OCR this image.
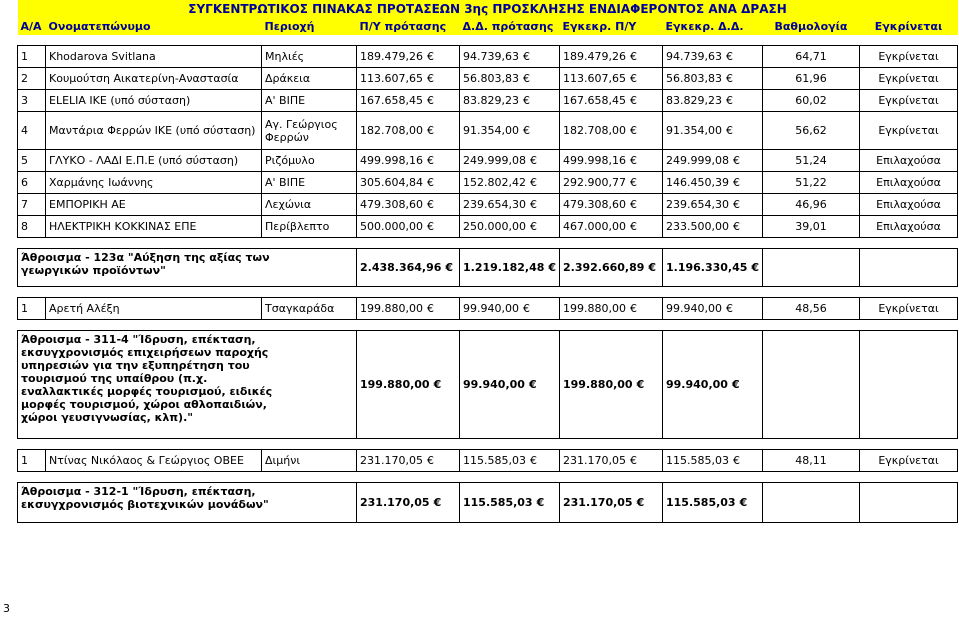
ΣΥΓΚΕΝΤΡΩΤΙΚΟΣ ΠΙΝΑΚΑΣ ΠΡΟΤΑΣΕΩΝ 3ης ΠΡΟΣΚΛΗΣΗΣ ΕΝΔΙΑΦΕΡΟΝΤΟΣ ΑΝΑ ΔΡΑΣΗ								
Α/Α	Ονοματεπώνυμο	Περιοχή	Π/Υ πρότασης	Δ.Δ. πρότασης	Εγκεκρ. Π/Υ	Εγκεκρ. Δ.Δ.	Βαθμολογία	Εγκρίνεται

1	Khodarova Svitlana	Μηλιές	189.479,26 €	94.739,63 €	189.479,26 €	94.739,63 €	64,71	Εγκρίνεται
2	Κουμούτση Αικατερίνη-Αναστασία	Δράκεια	113.607,65 €	56.803,83 €	113.607,65 €	56.803,83 €	61,96	Εγκρίνεται
3	ELELIA IKE (υπό σύσταση)	Α' ΒΙΠΕ	167.658,45 €	83.829,23 €	167.658,45 €	83.829,23 €	60,02	Εγκρίνεται
4	Μαντάρια Φερρών ΙΚΕ (υπό σύσταση)	Αγ. Γεώργιος Φερρών	182.708,00 €	91.354,00 €	182.708,00 €	91.354,00 €	56,62	Εγκρίνεται
5	ΓΛΥΚΟ - ΛΑΔΙ Ε.Π.Ε (υπό σύσταση)	Ριζόμυλο	499.998,16 €	249.999,08 €	499.998,16 €	249.999,08 €	51,24	Επιλαχούσα
6	Χαρμάνης Ιωάννης	Α' ΒΙΠΕ	305.604,84 €	152.802,42 €	292.900,77 €	146.450,39 €	51,22	Επιλαχούσα
7	ΕΜΠΟΡΙΚΗ ΑΕ	Λεχώνια	479.308,60 €	239.654,30 €	479.308,60 €	239.654,30 €	46,96	Επιλαχούσα
8	ΗΛΕΚΤΡΙΚΗ ΚΟΚΚΙΝΑΣ ΕΠΕ	Περίβλεπτο	500.000,00 €	250.000,00 €	467.000,00 €	233.500,00 €	39,01	Επιλαχούσα

Άθροισμα - 123α "Αύξηση της αξίας των γεωργικών προϊόντων"			2.438.364,96 €	1.219.182,48 €	2.392.660,89 €	1.196.330,45 €		

1	Αρετή Αλέξη	Τσαγκαράδα	199.880,00 €	99.940,00 €	199.880,00 €	99.940,00 €	48,56	Εγκρίνεται

Άθροισμα - 311-4 "Ίδρυση, επέκταση, εκσυγχρονισμός επιχειρήσεων παροχής υπηρεσιών για την εξυπηρέτηση του τουρισμού της υπαίθρου (π.χ. εναλλακτικές μορφές τουρισμού, ειδικές μορφές τουρισμού, χώροι αθλοπαιδιών, χώροι γευσιγνωσίας, κλπ)."			199.880,00 €	99.940,00 €	199.880,00 €	99.940,00 €		

1	Ντίνας Νικόλαος & Γεώργιος ΟΒΕΕ	Διμήνι	231.170,05 €	115.585,03 €	231.170,05 €	115.585,03 €	48,11	Εγκρίνεται

Άθροισμα - 312-1 "Ίδρυση, επέκταση, εκσυγχρονισμός βιοτεχνικών μονάδων"			231.170,05 €	115.585,03 €	231.170,05 €	115.585,03 €		
3
